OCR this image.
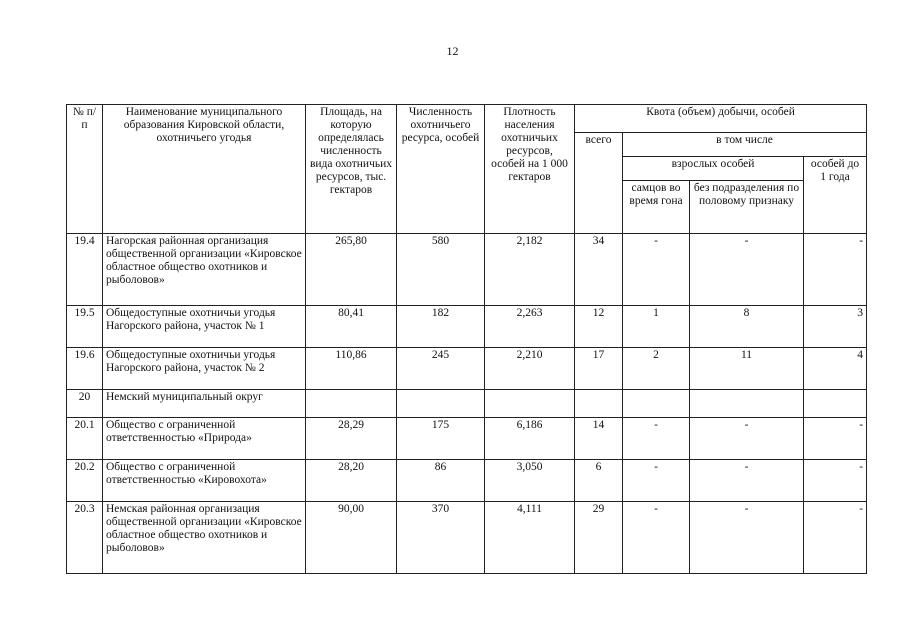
12
№ п/п	Наименование муниципального образования Кировской области, охотничьего угодья	Площадь, на которую определялась численность вида охотничьих ресурсов, тыс. гектаров	Численность охотничьего ресурса, особей	Плотность населения охотничьих ресурсов, особей на 1 000 гектаров	Квота (объем) добычи, особей			
					всего	в том числе		
						взрослых особей		особей до 1 года
						самцов во время гона	без подразделения по половому признаку	
19.4	Нагорская районная организация общественной организации «Кировское областное общество охотников и рыболовов»	265,80	580	2,182	34	-	-	-
19.5	Общедоступные охотничьи угодья Нагорского района, участок № 1	80,41	182	2,263	12	1	8	3
19.6	Общедоступные охотничьи угодья Нагорского района, участок № 2	110,86	245	2,210	17	2	11	4
20	Немский муниципальный округ							
20.1	Общество с ограниченной ответственностью «Природа»	28,29	175	6,186	14	-	-	-
20.2	Общество с ограниченной ответственностью «Кировохота»	28,20	86	3,050	6	-	-	-
20.3	Немская районная организация общественной организации «Кировское областное общество охотников и рыболовов»	90,00	370	4,111	29	-	-	-
